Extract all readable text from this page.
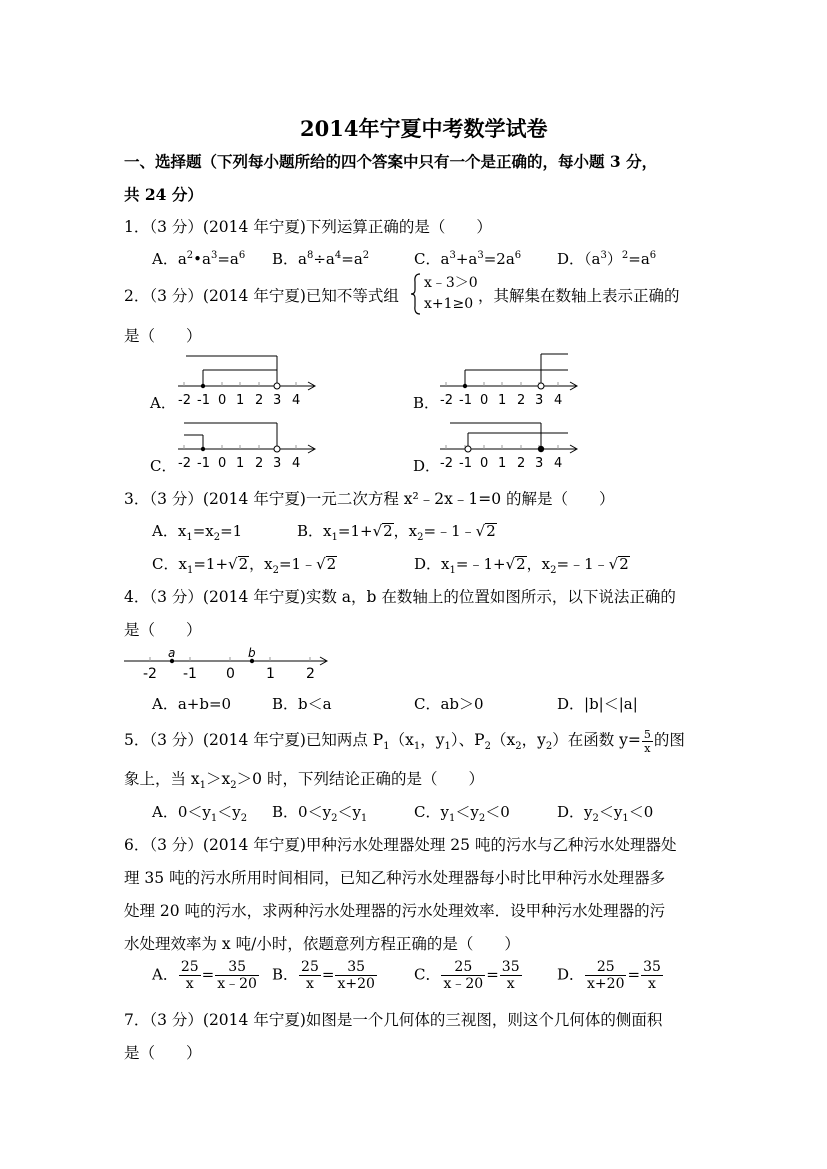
2014年宁夏中考数学试卷
一、选择题（下列每小题所给的四个答案中只有一个是正确的，每小题 3 分，
共 24 分）
1．（3 分）(2014 年宁夏)下列运算正确的是（　　）
A．$a^2•a^3=a^6$ B．$a^8\div a^4=a^2$	C．$a^3+a^3=2a^6$ D．$(a^3)^2=a^6$
2．（3 分）(2014 年宁夏)已知不等式组
x﹣3＞0
x+1≥0 ，其解集在数轴上表示正确的
是（　　）
A．	B．
C．	D．
-2 -1 0 1 2 3 4	-2 -1 0 1 2 3 4
-2 -1 0 1 2 3 4	-2 -1 0 1 2 3 4
3．（3 分）(2014 年宁夏)一元二次方程 x²﹣2x﹣1=0 的解是（　　）
A．$x_1=x_2=1$	B．$x_1=1+√2$，$x_2=﹣1﹣√2$
C．$x_1=1+√2$，$x_2=1﹣√2$	D．$x_1=﹣1+√2$，$x_2=﹣1﹣√2$
4．（3 分）(2014 年宁夏)实数 a，b 在数轴上的位置如图所示，以下说法正确的
是（　　）
a	b
-2 -1 0 1 2
A．a+b=0	B．b＜a	C．ab＞0	D．|b|＜|a|
5．（3 分）(2014 年宁夏)已知两点 $P_1(x_1$，$y_1$）、$P_2(x_2$，$y_2$）在函数 $y= \frac{5}{x}$ 的图
象上，当 $x_1>x_2>0$ 时，下列结论正确的是（　　）
A．$0<y_1<y_2$ B．$0<y_2<y_1$	C．$y_1<y_2<0$	D．$y_2<y_1<0$
6．（3 分）(2014 年宁夏)甲种污水处理器处理 25 吨的污水与乙种污水处理器处
理 35 吨的污水所用时间相同，已知乙种污水处理器每小时比甲种污水处理器多
处理 20 吨的污水，求两种污水处理器的污水处理效率．设甲种污水处理器的污
水处理效率为 x 吨/小时，依题意列方程正确的是（　　）
A． $\frac{25}{x} = \frac{35}{x﹣20}$ B． $\frac{25}{x} = \frac{35}{x+20}$ C． $\frac{25}{x﹣20} = \frac{35}{x}$ D． $\frac{25}{x+20} = \frac{35}{x}$
7．（3 分）(2014 年宁夏)如图是一个几何体的三视图，则这个几何体的侧面积
是（　　）
